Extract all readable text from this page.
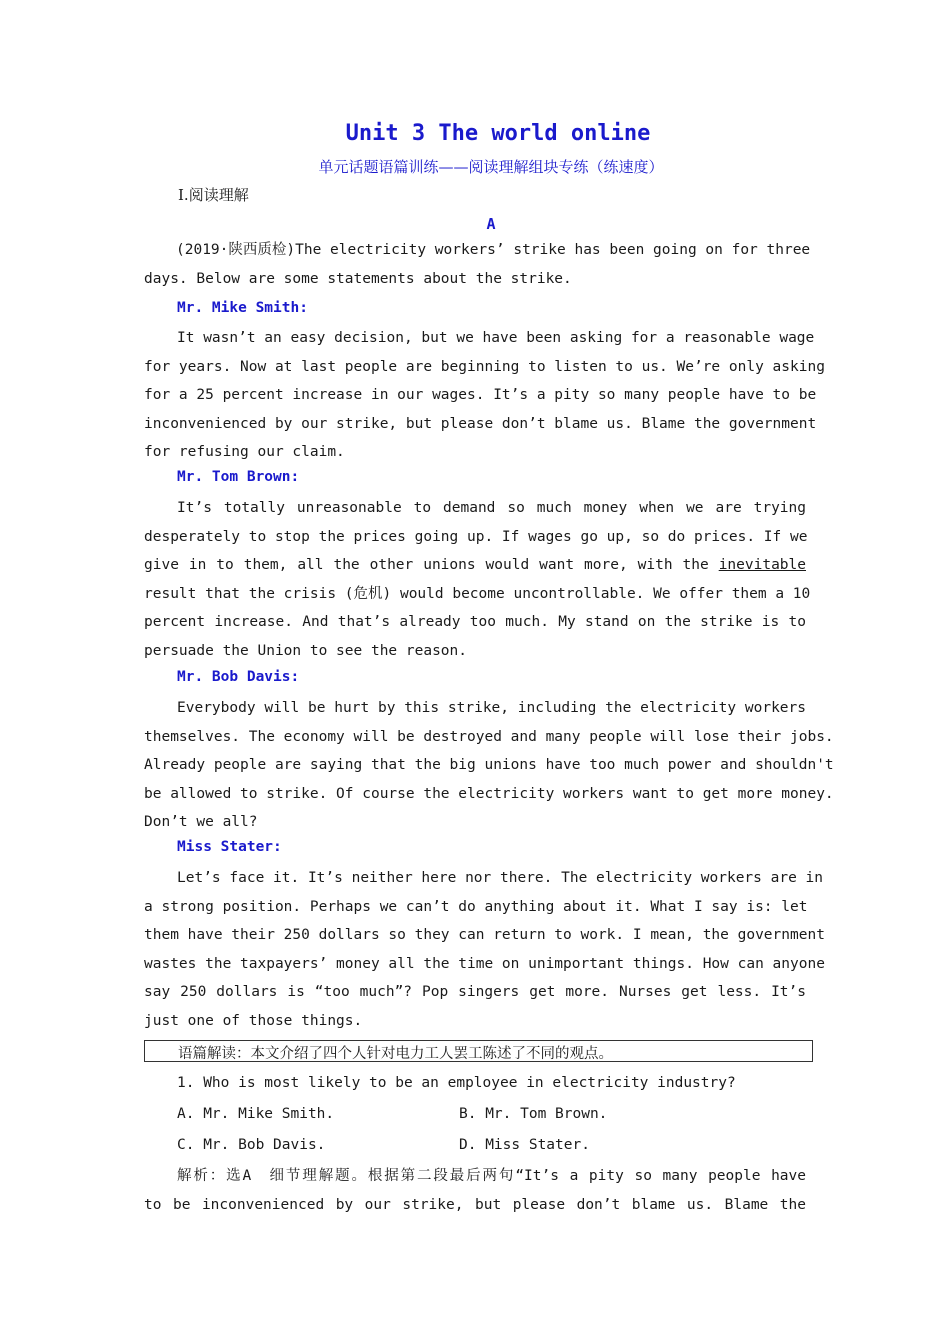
Unit 3 The world online
单元话题语篇训练——阅读理解组块专练（练速度）
Ⅰ.阅读理解
A
(2019·陕西质检)The electricity workers’ strike has been going on for three
days. Below are some statements about the strike.
Mr. Mike Smith:
It wasn’t an easy decision, but we have been asking for a reasonable wage
for years. Now at last people are beginning to listen to us. We’re only asking
for a 25 percent increase in our wages. It’s a pity so many people have to be
inconvenienced by our strike, but please don’t blame us. Blame the government
for refusing our claim.
Mr. Tom Brown:
It’s totally unreasonable to demand so much money when we are trying
desperately to stop the prices going up. If wages go up, so do prices. If we
give in to them, all the other unions would want more, with the inevitable
result that the crisis (危机) would become uncontrollable. We offer them a 10
percent increase. And that’s already too much. My stand on the strike is to
persuade the Union to see the reason.
Mr. Bob Davis:
Everybody will be hurt by this strike, including the electricity workers
themselves. The economy will be destroyed and many people will lose their jobs.
Already people are saying that the big unions have too much power and shouldn't
be allowed to strike. Of course the electricity workers want to get more money.
Don’t we all?
Miss Stater:
Let’s face it. It’s neither here nor there. The electricity workers are in
a strong position. Perhaps we can’t do anything about it. What I say is: let
them have their 250 dollars so they can return to work. I mean, the government
wastes the taxpayers’ money all the time on unimportant things. How can anyone
say 250 dollars is “too much”? Pop singers get more. Nurses get less. It’s
just one of those things.
语篇解读：本文介绍了四个人针对电力工人罢工陈述了不同的观点。
1. Who is most likely to be an employee in electricity industry?
A. Mr. Mike Smith.	B. Mr. Tom Brown.
C. Mr. Bob Davis.	D. Miss Stater.
解析：选A　细节理解题。根据第二段最后两句“It’s a pity so many people have
to be inconvenienced by our strike, but please don’t blame us. Blame the
